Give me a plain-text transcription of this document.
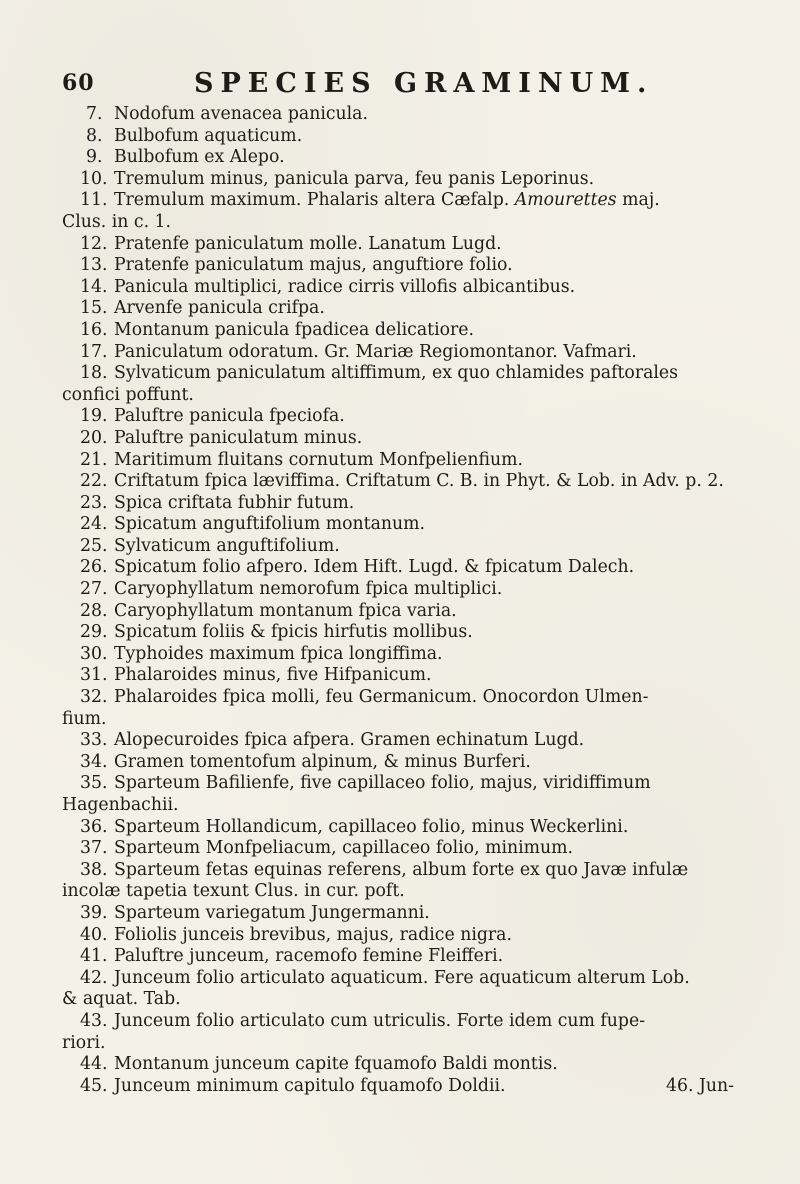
60	SPECIES GRAMINUM.

7. Nodofum avenacea panicula.

8. Bulbofum aquaticum.

9. Bulbofum ex Alepo.

10. Tremulum minus, panicula parva, feu panis Leporinus.

11. Tremulum maximum. Phalaris altera Cæfalp. Amourettes maj.
Clus. in c. 1.

12. Pratenfe paniculatum molle. Lanatum Lugd.

13. Pratenfe paniculatum majus, anguftiore folio.

14. Panicula multiplici, radice cirris villofis albicantibus.

15. Arvenfe panicula crifpa.

16. Montanum panicula fpadicea delicatiore.

17. Paniculatum odoratum. Gr. Mariæ Regiomontanor. Vafmari.

18. Sylvaticum paniculatum altiffimum, ex quo chlamides paftorales
confici poffunt.

19. Paluftre panicula fpeciofa.

20. Paluftre paniculatum minus.

21. Maritimum fluitans cornutum Monfpelienfium.

22. Criftatum fpica læviffima. Criftatum C. B. in Phyt. & Lob. in Adv. p. 2.

23. Spica criftata fubhir futum.

24. Spicatum anguftifolium montanum.

25. Sylvaticum anguftifolium.

26. Spicatum folio afpero. Idem Hift. Lugd. & fpicatum Dalech.

27. Caryophyllatum nemorofum fpica multiplici.

28. Caryophyllatum montanum fpica varia.

29. Spicatum foliis & fpicis hirfutis mollibus.

30. Typhoides maximum fpica longiffima.

31. Phalaroides minus, five Hifpanicum.

32. Phalaroides fpica molli, feu Germanicum. Onocordon Ulmen-
fium.

33. Alopecuroides fpica afpera. Gramen echinatum Lugd.

34. Gramen tomentofum alpinum, & minus Burferi.

35. Sparteum Bafilienfe, five capillaceo folio, majus, viridiffimum
Hagenbachii.

36. Sparteum Hollandicum, capillaceo folio, minus Weckerlini.

37. Sparteum Monfpeliacum, capillaceo folio, minimum.

38. Sparteum fetas equinas referens, album forte ex quo Javæ infulæ
incolæ tapetia texunt Clus. in cur. poft.

39. Sparteum variegatum Jungermanni.

40. Foliolis junceis brevibus, majus, radice nigra.

41. Paluftre junceum, racemofo femine Fleifferi.

42. Junceum folio articulato aquaticum. Fere aquaticum alterum Lob.
& aquat. Tab.

43. Junceum folio articulato cum utriculis. Forte idem cum fupe-
riori.

44. Montanum junceum capite fquamofo Baldi montis.

45. Junceum minimum capitulo fquamofo Doldii.	46. Jun-
